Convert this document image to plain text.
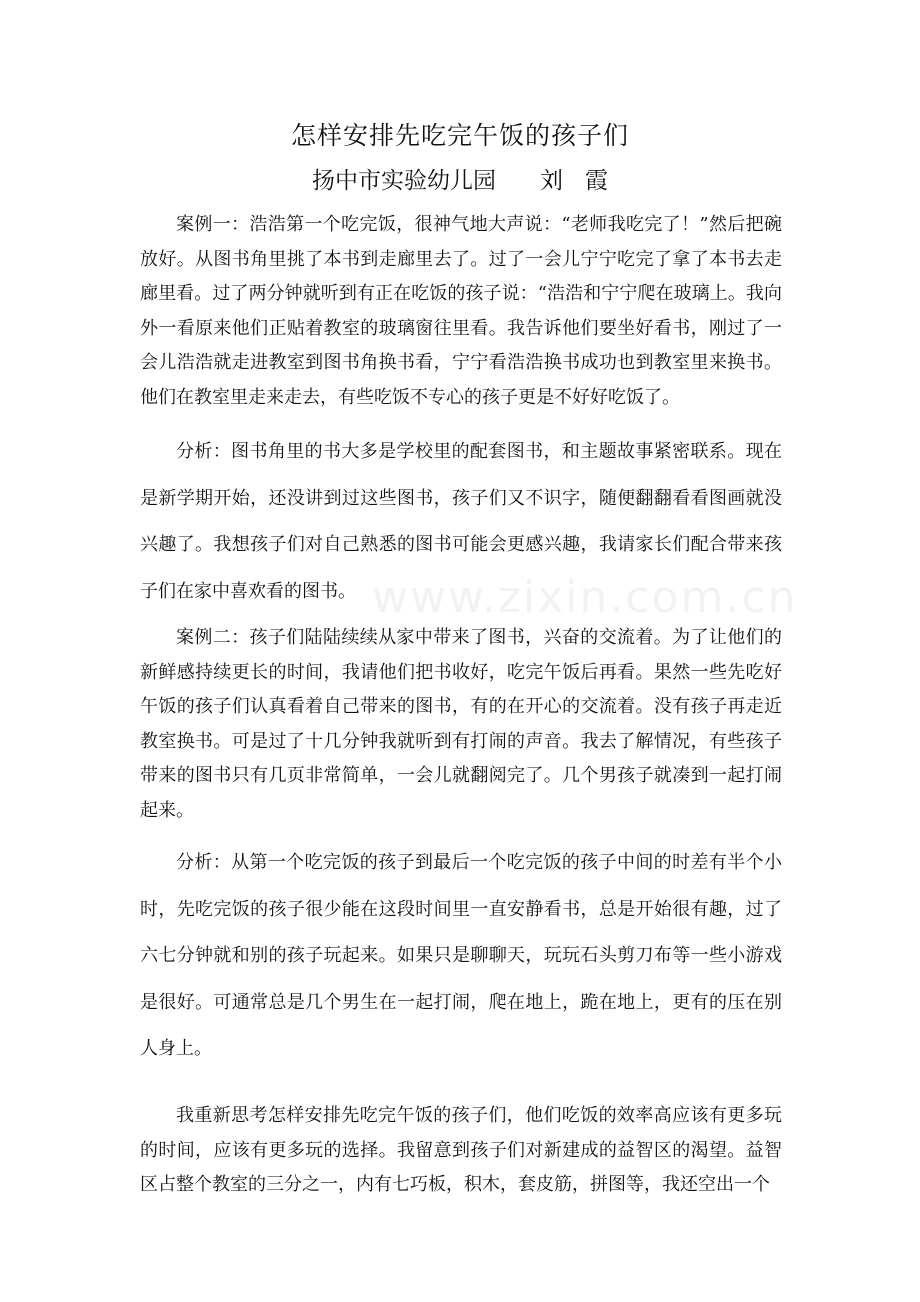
www.zixin.com.cn
怎样安排先吃完午饭的孩子们
扬中市实验幼儿园 刘 霞

案例一：浩浩第一个吃完饭，很神气地大声说：“老师我吃完了！”然后把碗放好。从图书角里挑了本书到走廊里去了。过了一会儿宁宁吃完了拿了本书去走廊里看。过了两分钟就听到有正在吃饭的孩子说：“浩浩和宁宁爬在玻璃上。我向外一看原来他们正贴着教室的玻璃窗往里看。我告诉他们要坐好看书，刚过了一会儿浩浩就走进教室到图书角换书看，宁宁看浩浩换书成功也到教室里来换书。他们在教室里走来走去，有些吃饭不专心的孩子更是不好好吃饭了。

分析：图书角里的书大多是学校里的配套图书，和主题故事紧密联系。现在是新学期开始，还没讲到过这些图书，孩子们又不识字，随便翻翻看看图画就没兴趣了。我想孩子们对自己熟悉的图书可能会更感兴趣，我请家长们配合带来孩子们在家中喜欢看的图书。

案例二：孩子们陆陆续续从家中带来了图书，兴奋的交流着。为了让他们的新鲜感持续更长的时间，我请他们把书收好，吃完午饭后再看。果然一些先吃好午饭的孩子们认真看着自己带来的图书，有的在开心的交流着。没有孩子再走近教室换书。可是过了十几分钟我就听到有打闹的声音。我去了解情况，有些孩子带来的图书只有几页非常简单，一会儿就翻阅完了。几个男孩子就凑到一起打闹起来。

分析：从第一个吃完饭的孩子到最后一个吃完饭的孩子中间的时差有半个小时，先吃完饭的孩子很少能在这段时间里一直安静看书，总是开始很有趣，过了六七分钟就和别的孩子玩起来。如果只是聊聊天，玩玩石头剪刀布等一些小游戏是很好。可通常总是几个男生在一起打闹，爬在地上，跪在地上，更有的压在别人身上。

我重新思考怎样安排先吃完午饭的孩子们，他们吃饭的效率高应该有更多玩的时间，应该有更多玩的选择。我留意到孩子们对新建成的益智区的渴望。益智区占整个教室的三分之一，内有七巧板，积木，套皮筋，拼图等，我还空出一个
